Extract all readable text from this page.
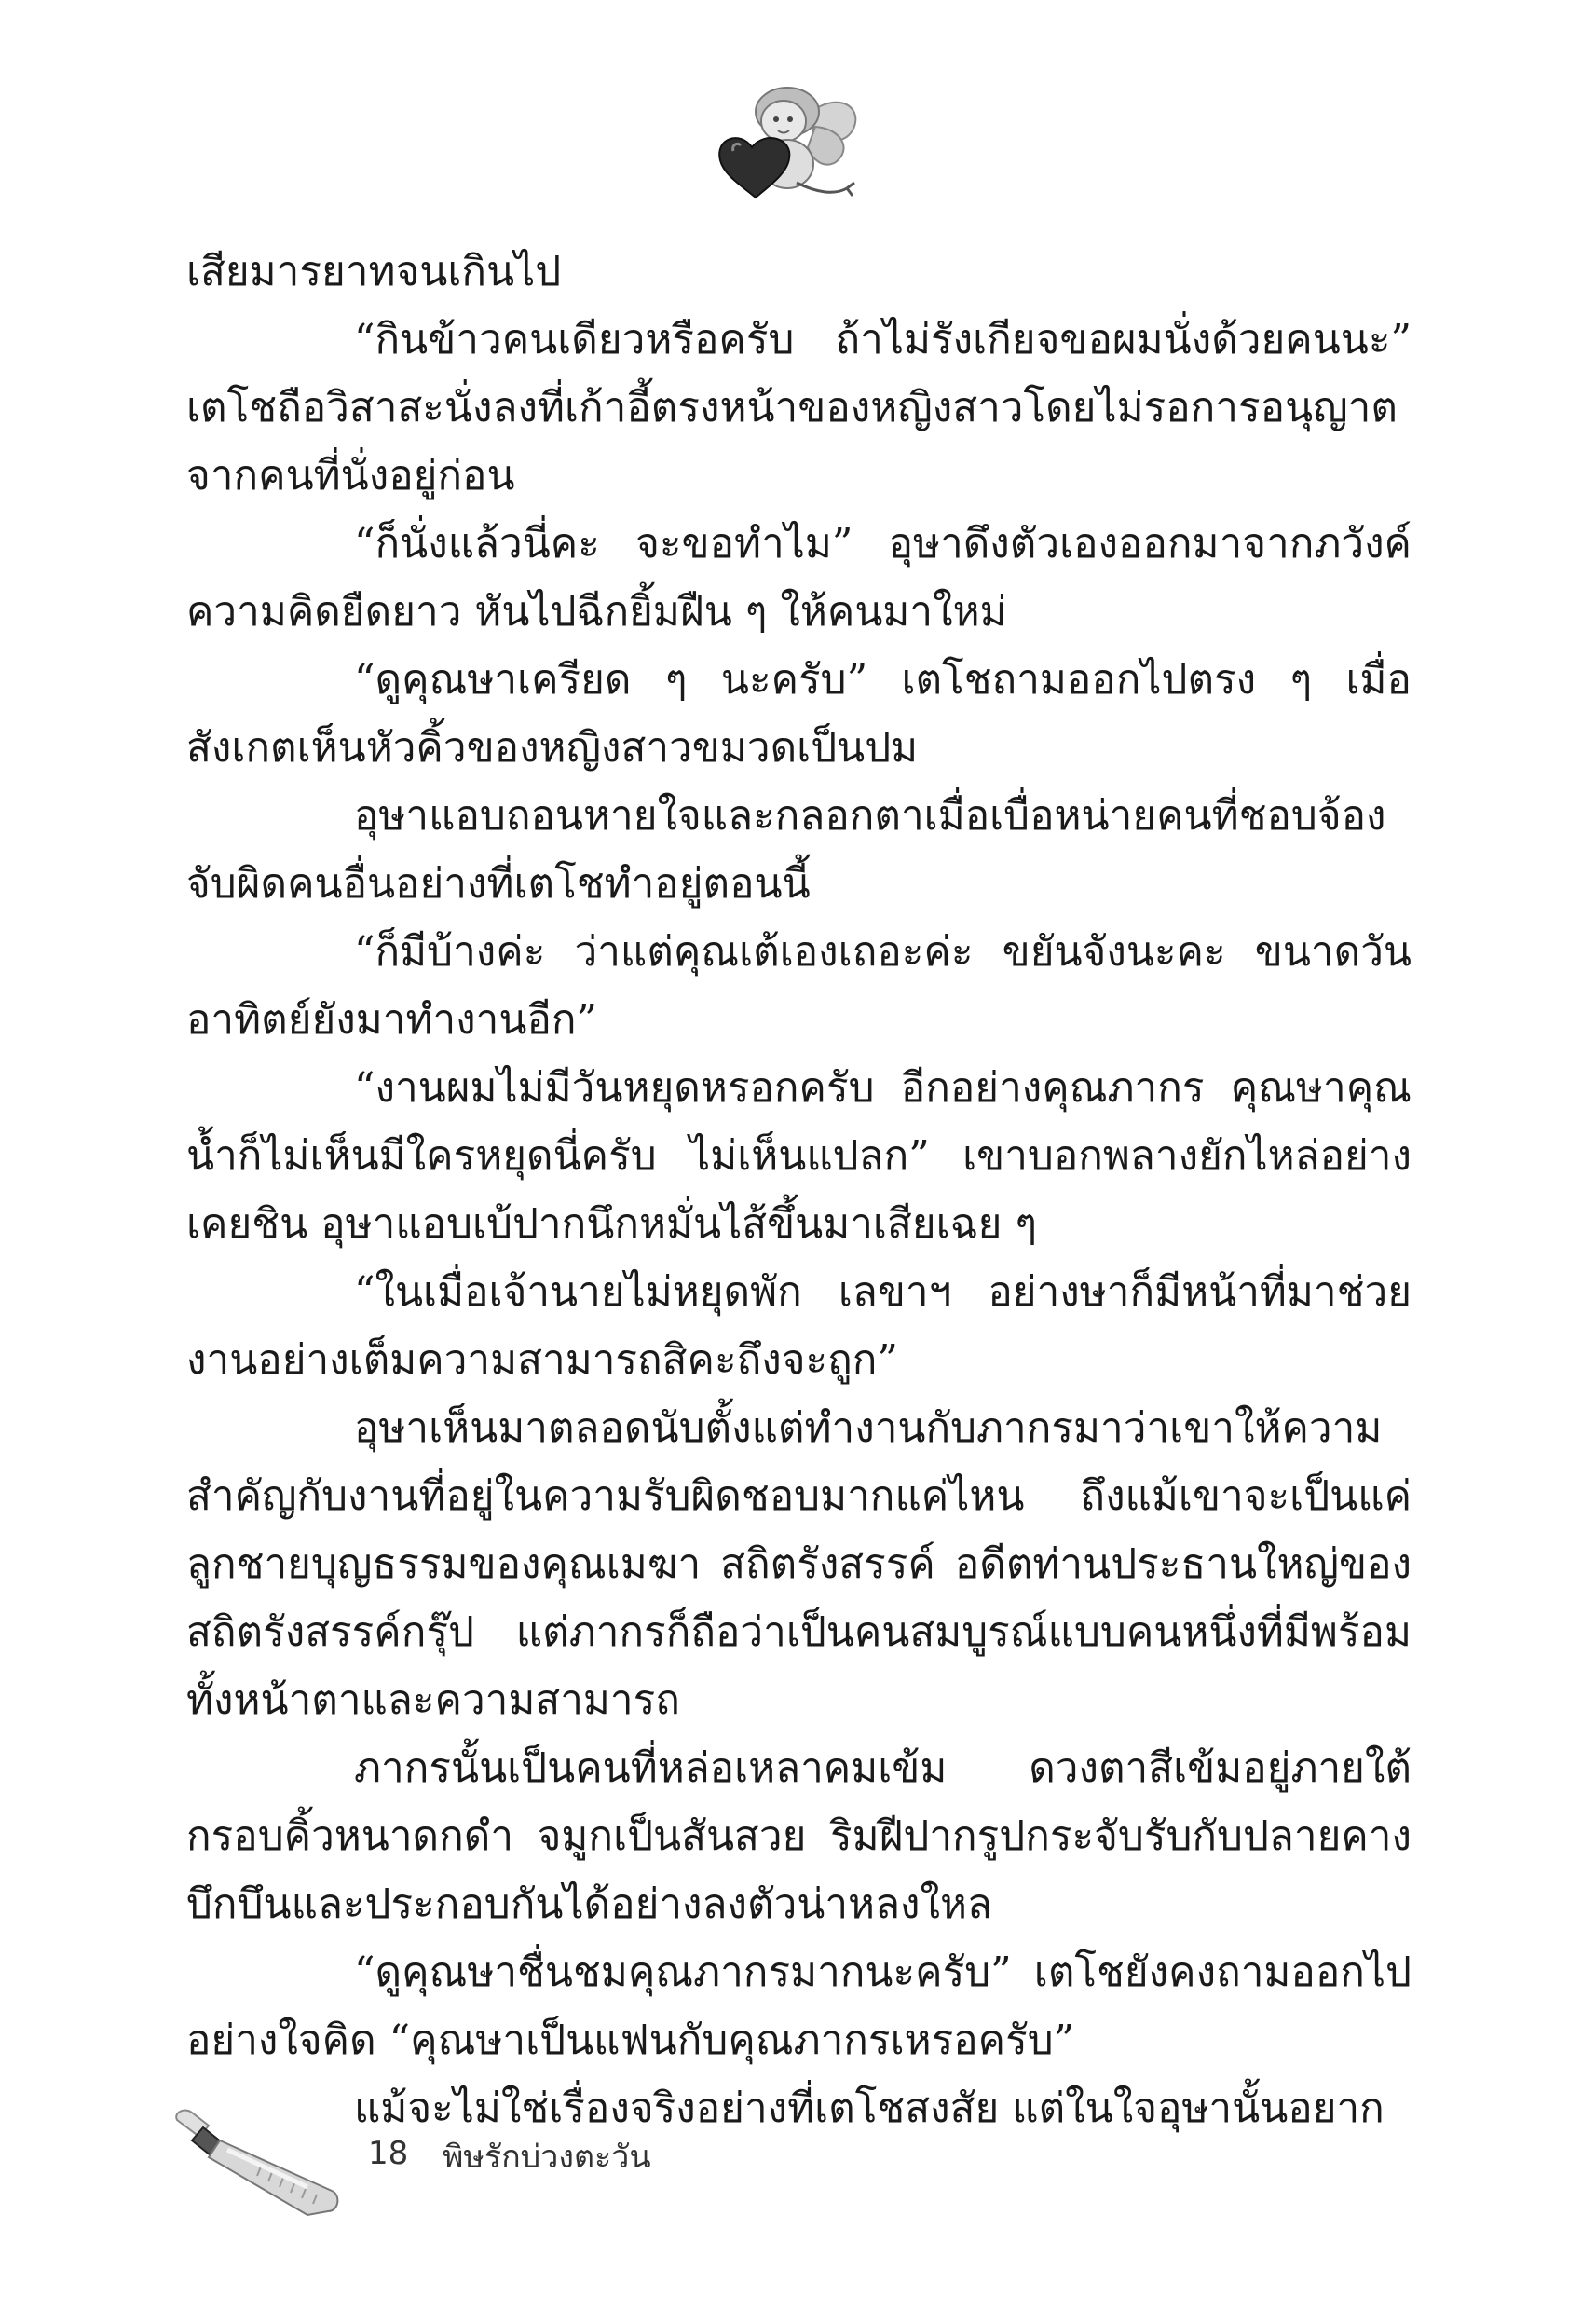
เสียมารยาทจนเกินไป

“กินข้าวคนเดียวหรือครับ ถ้าไม่รังเกียจขอผมนั่งด้วยคนนะ” เตโชถือวิสาสะนั่งลงที่เก้าอี้ตรงหน้าของหญิงสาวโดยไม่รอการอนุญาตจากคนที่นั่งอยู่ก่อน

“ก็นั่งแล้วนี่คะ จะขอทำไม” อุษาดึงตัวเองออกมาจากภวังค์ความคิดยืดยาว หันไปฉีกยิ้มฝืน ๆ ให้คนมาใหม่

“ดูคุณษาเครียด ๆ นะครับ” เตโชถามออกไปตรง ๆ เมื่อสังเกตเห็นหัวคิ้วของหญิงสาวขมวดเป็นปม

อุษาแอบถอนหายใจและกลอกตาเมื่อเบื่อหน่ายคนที่ชอบจ้องจับผิดคนอื่นอย่างที่เตโชทำอยู่ตอนนี้

“ก็มีบ้างค่ะ ว่าแต่คุณเต้เองเถอะค่ะ ขยันจังนะคะ ขนาดวันอาทิตย์ยังมาทำงานอีก”

“งานผมไม่มีวันหยุดหรอกครับ อีกอย่างคุณภากร คุณษาคุณน้ำก็ไม่เห็นมีใครหยุดนี่ครับ ไม่เห็นแปลก” เขาบอกพลางยักไหล่อย่างเคยชิน อุษาแอบเบ้ปากนึกหมั่นไส้ขึ้นมาเสียเฉย ๆ

“ในเมื่อเจ้านายไม่หยุดพัก เลขาฯ อย่างษาก็มีหน้าที่มาช่วยงานอย่างเต็มความสามารถสิคะถึงจะถูก”

อุษาเห็นมาตลอดนับตั้งแต่ทำงานกับภากรมาว่าเขาให้ความสำคัญกับงานที่อยู่ในความรับผิดชอบมากแค่ไหน ถึงแม้เขาจะเป็นแค่ลูกชายบุญธรรมของคุณเมฆา สถิตรังสรรค์ อดีตท่านประธานใหญ่ของสถิตรังสรรค์กรุ๊ป แต่ภากรก็ถือว่าเป็นคนสมบูรณ์แบบคนหนึ่งที่มีพร้อมทั้งหน้าตาและความสามารถ

ภากรนั้นเป็นคนที่หล่อเหลาคมเข้ม ดวงตาสีเข้มอยู่ภายใต้กรอบคิ้วหนาดกดำ จมูกเป็นสันสวย ริมฝีปากรูปกระจับรับกับปลายคางบึกบึนและประกอบกันได้อย่างลงตัวน่าหลงใหล

“ดูคุณษาชื่นชมคุณภากรมากนะครับ” เตโชยังคงถามออกไปอย่างใจคิด “คุณษาเป็นแฟนกับคุณภากรเหรอครับ”

แม้จะไม่ใช่เรื่องจริงอย่างที่เตโชสงสัย แต่ในใจอุษานั้นอยาก

18 พิษรักบ่วงตะวัน
